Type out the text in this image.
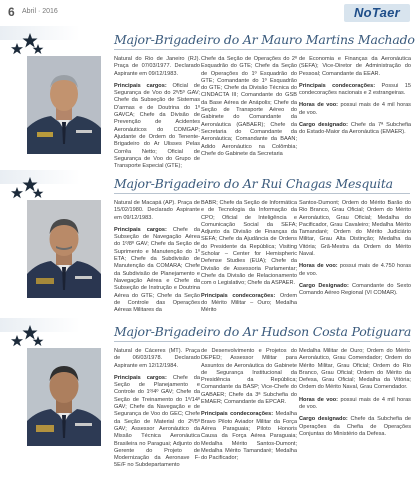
6 Abril · 2016	NoTaer
Major-Brigadeiro do Ar Mauro Martins Machado

Natural do Rio de Janeiro (RJ). Praça de 07/03/1977. Declarado Aspirante em 09/12/1983.

Principais cargos: Oficial de Segurança de Voo do 2º/5º GAV; Chefe da Subseção de Sistemas D'armas e de Doutrina do 1º GAVCA; Chefe da Divisão de Prevenção de Acidentes Aeronáuticos do COMGAP; Ajudante de Ordem do Tenente-Brigadeiro do Ar Ulisses Pelas Corrêa Netto; Oficial de Segurança de Voo do Grupo de Transporte Especial (GTE);

Chefe da Seção de Operações do 2º Esquadrão do GTE; Chefe da Seção de Operações do 1º Esquadrão do GTE; Comandante do 1º Esquadrão do GTE; Chefe da Divisão Técnica do CINDACTA III; Comandante do GSB da Base Aérea de Anápolis; Chefe da Seção de Transporte Aéreo do Gabinete do Comandante da Aeronáutica (GABAER); Chefe da Secretaria do Comandante da Aeronáutica; Comandante da BAAN; Adido Aeronáutico na Colômbia; Chefe do Gabinete da Secretaria

de Economia e Finanças da Aeronáutica (SEFA); Vice-Diretor de Administração do Pessoal; Comandante da EEAR.

Principais condecorações: Possui 15 condecorações nacionais e 2 estrangeiras.

Horas de voo: possui mais de 4 mil horas de voo.

Cargo designado: Chefe da 7ª Subchefia do Estado-Maior da Aeronáutica (EMAER).

Major-Brigadeiro do Ar Rui Chagas Mesquita

Natural de Macapá (AP). Praça de 15/02/1980. Declarado Aspirante em 09/12/1983.

Principais cargos: Chefe da Subseção de Navegação Aérea do 1º/8º GAV; Chefe da Seção de Suprimento e Manutenção do 1º ETA; Chefe da Subdivisão de Manutenção da COMARA; Chefe da Subdivisão de Planejamento e Navegação Aérea e Chefe da Subseção de Instrução e Doutrina Aérea do GTE; Chefe da Seção de Controle das Operações Aéreas Militares da

BABR; Chefe da Seção de Informática e de Tecnologia da Informação da CPO; Oficial de Inteligência e Comunicação Social da SEFA; Adjunto da Divisão de Finanças da SEFA; Chefe da Ajudância de Ordens do Presidente da República; Visiting Scholar – Center for Hemispheric Defense Studies (EUA); Chefe da Divisão de Assessoria Parlamentar; Chefe da Divisão de Relacionamento com o Legislativo; Chefe da ASPAER.

Principais condecorações: Ordem do Mérito Militar – Ouro; Medalha Mérito

Santos-Dumont; Ordem do Mérito Barão do Rio Branco, Grau Oficial; Ordem do Mérito Aeronáutico, Grau Oficial; Medalha do Pacificador, Grau Cavaleiro; Medalha Mérito Tamandaré; Ordem do Mérito Judiciário Militar, Grau Alta Distinção; Medalha da Vitória; Grã-Mestra da Ordem do Mérito Naval.

Horas de voo: possui mais de 4.750 horas de voo.

Cargo Designado: Comandante do Sexto Comando Aéreo Regional (VI COMAR).

Major-Brigadeiro do Ar Hudson Costa Potiguara

Natural de Cáceres (MT). Praça de 06/03/1978. Declarado Aspirante em 12/12/1984.

Principais cargos: Chefe da Seção de Planejamento e Controle do 1º/4º GAV; Chefe da Seção de Treinamento do 1º/14º GAV; Chefe da Navegação e de Segurança de Voo do GEC; Chefe da Seção de Material do 2º/5º GAV; Assessor Aeronáutico da Missão Técnica Aeronáutica Brasileira no Paraguai; Adjunto do Gerente do Projeto de Modernização da Aeronave F-5E/F no Subdepartamento

de Desenvolvimento e Projetos do DEPED; Assessor Militar para Assuntos de Aeronáutica do Gabinete de Segurança Institucional da Presidência da República; Comandante da BASP; Vice-Chefe do GABAER; Chefe da 3ª Subchefia do EMAER; Comandante da EPCAR.

Principais condecorações: Medalha Bravo Piloto Aviador Militar da Força Aérea Paraguaia; Piloto Honoris Causa da Força Aérea Paraguaia; Medalha Mérito Santos-Dumont; Medalha Mérito Tamandaré; Medalha do Pacificador;

Medalha Militar de Ouro; Ordem do Mérito Aeronáutico, Grau Comendador; Ordem do Mérito Militar, Grau Oficial; Ordem do Rio Branco, Grau Oficial; Ordem do Mérito da Defesa, Grau Oficial; Medalha da Vitória; Ordem do Mérito Naval, Grau Comendador.

Horas de voo: possui mais de 4 mil horas de voo.

Cargo designado: Chefe da Subchefia de Operações da Chefia de Operações Conjuntas do Ministério da Defesa.
